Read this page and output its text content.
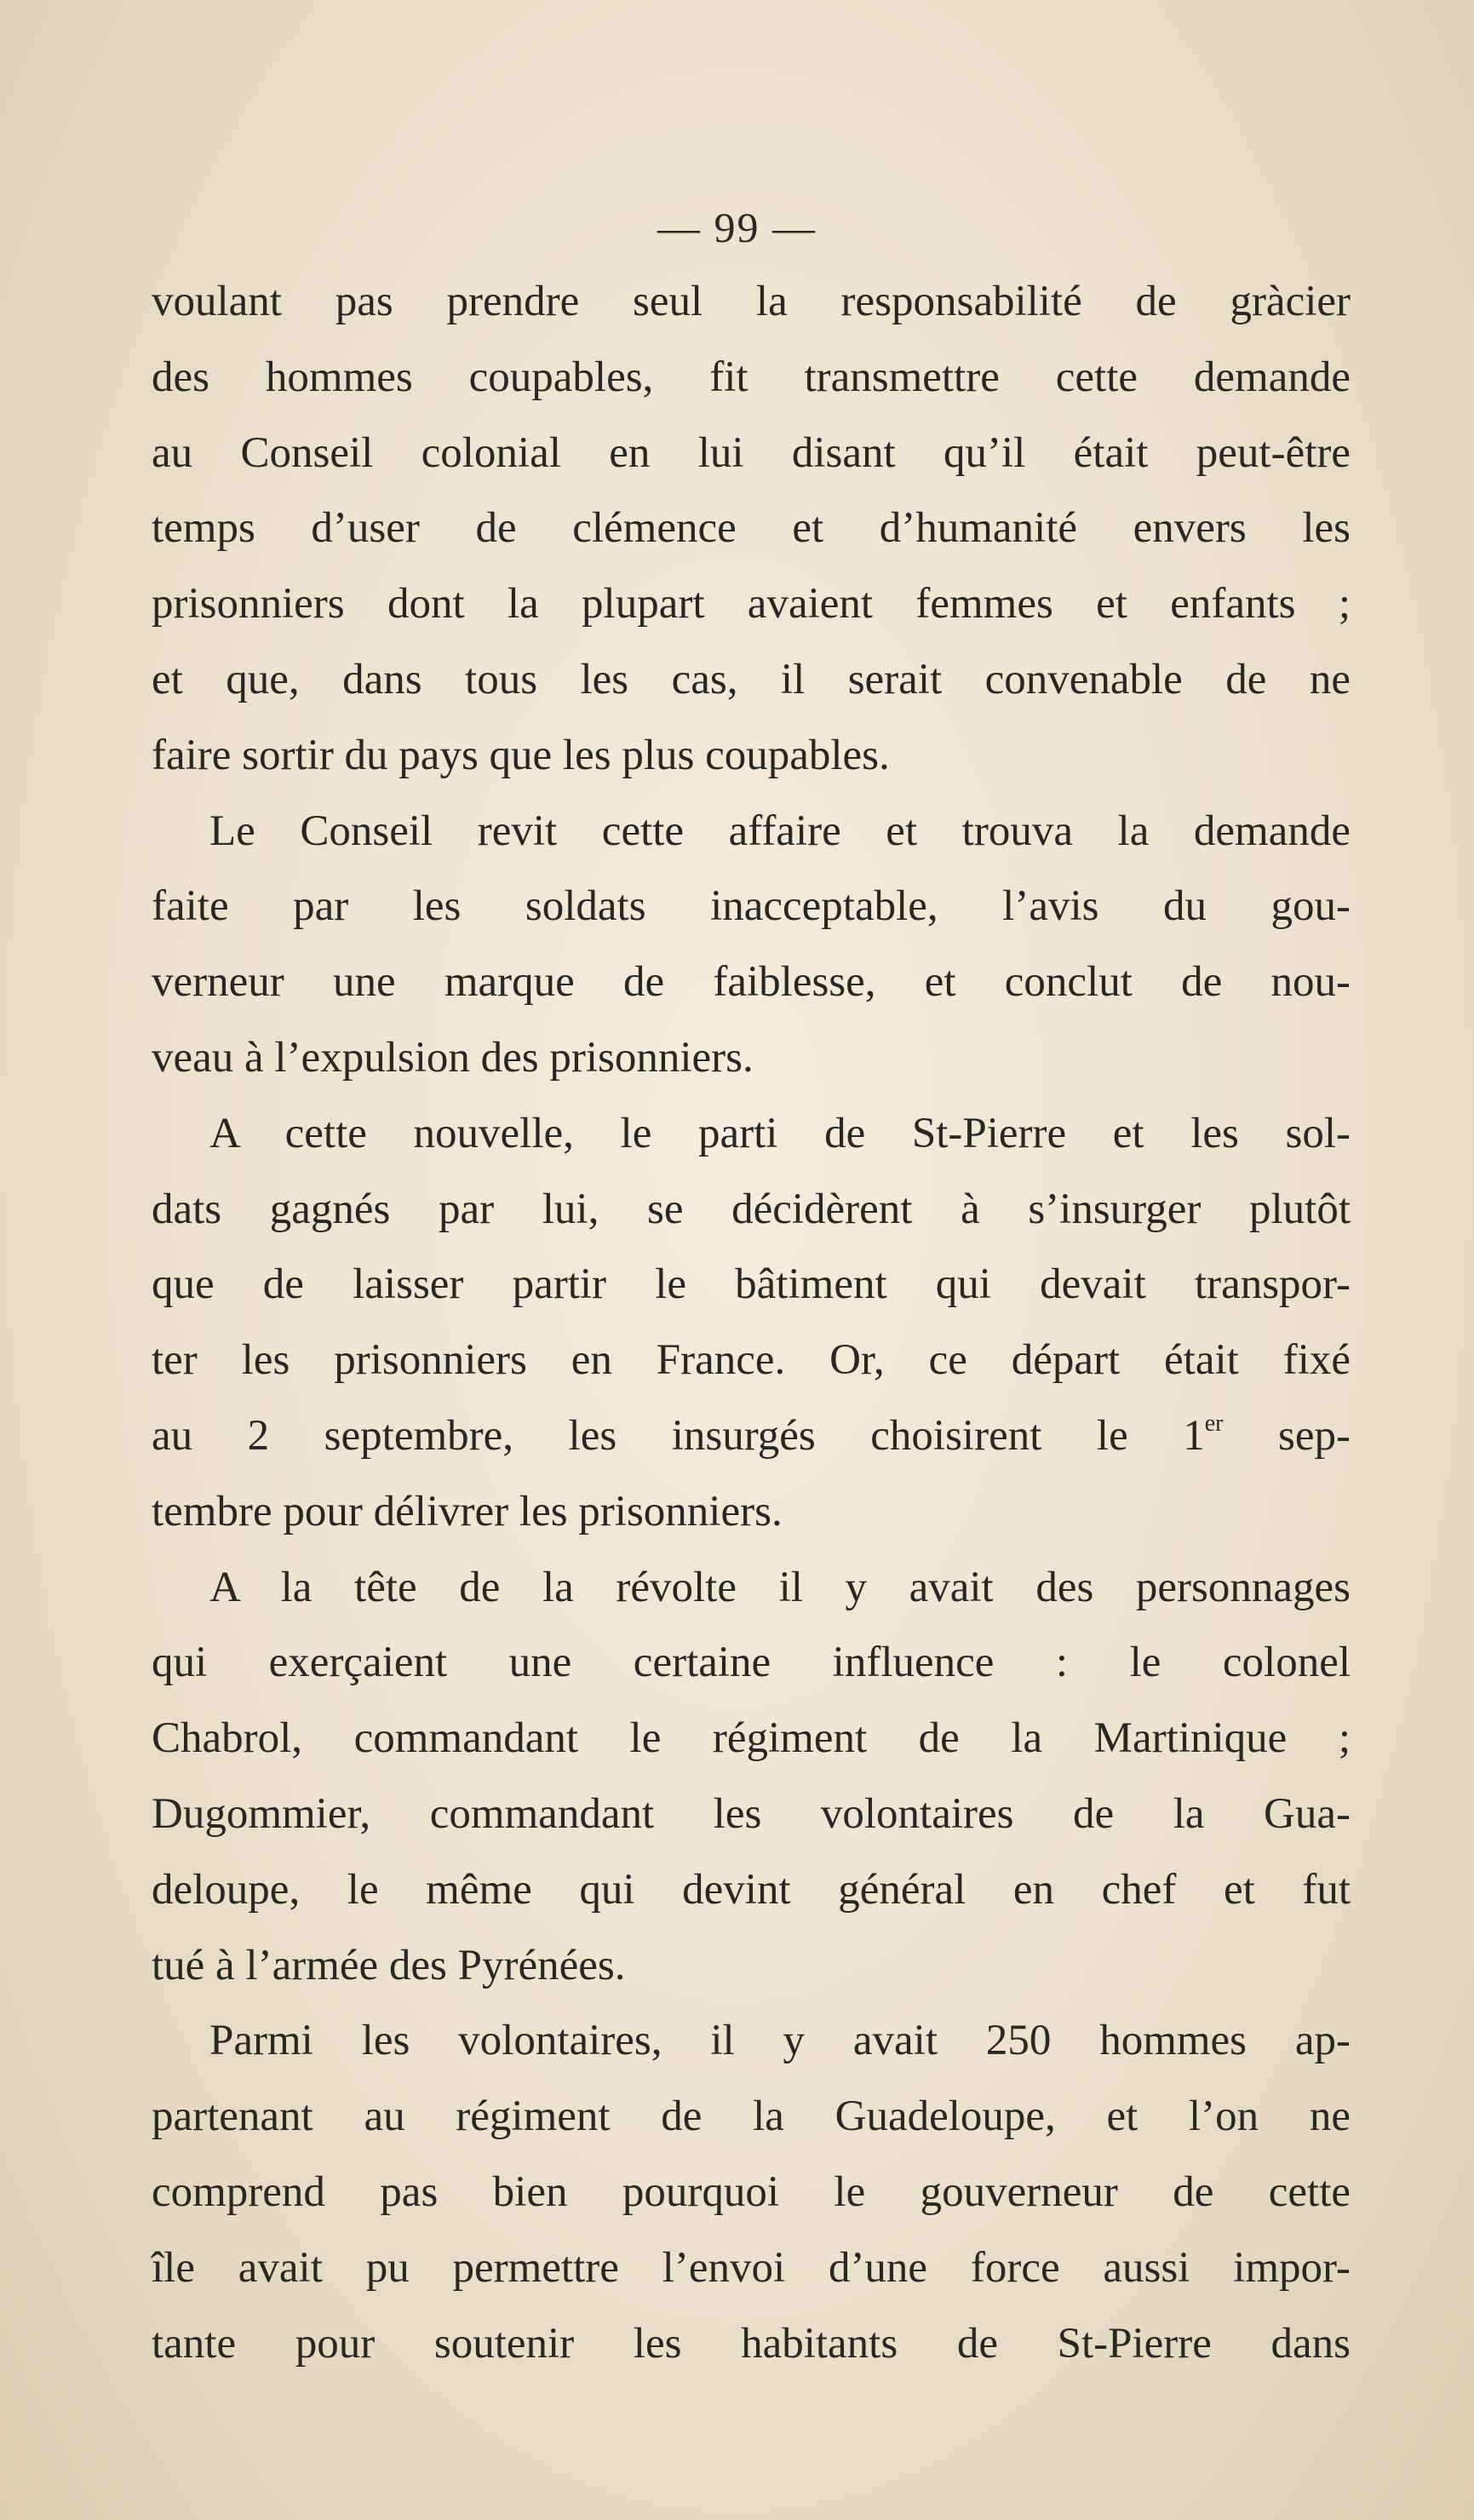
— 99 —
voulant pas prendre seul la responsabilité de gràcier
des hommes coupables, fit transmettre cette demande
au Conseil colonial en lui disant qu’il était peut-être
temps d’user de clémence et d’humanité envers les
prisonniers dont la plupart avaient femmes et enfants ;
et que, dans tous les cas, il serait convenable de ne
faire sortir du pays que les plus coupables.
Le Conseil revit cette affaire et trouva la demande
faite par les soldats inacceptable, l’avis du gou-
verneur une marque de faiblesse, et conclut de nou-
veau à l’expulsion des prisonniers.
A cette nouvelle, le parti de St-Pierre et les sol-
dats gagnés par lui, se décidèrent à s’insurger plutôt
que de laisser partir le bâtiment qui devait transpor-
ter les prisonniers en France. Or, ce départ était fixé
au 2 septembre, les insurgés choisirent le 1er sep-
tembre pour délivrer les prisonniers.
A la tête de la révolte il y avait des personnages
qui exerçaient une certaine influence : le colonel
Chabrol, commandant le régiment de la Martinique ;
Dugommier, commandant les volontaires de la Gua-
deloupe, le même qui devint général en chef et fut
tué à l’armée des Pyrénées.
Parmi les volontaires, il y avait 250 hommes ap-
partenant au régiment de la Guadeloupe, et l’on ne
comprend pas bien pourquoi le gouverneur de cette
île avait pu permettre l’envoi d’une force aussi impor-
tante pour soutenir les habitants de St-Pierre dans
